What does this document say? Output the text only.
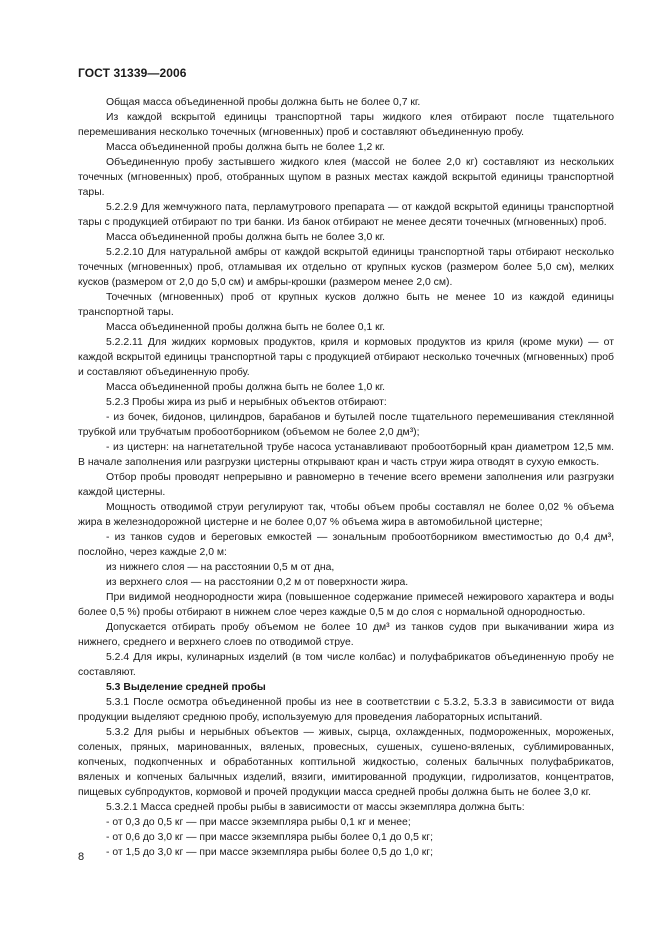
ГОСТ 31339—2006

Общая масса объединенной пробы должна быть не более 0,7 кг.

Из каждой вскрытой единицы транспортной тары жидкого клея отбирают после тщательного перемешивания несколько точечных (мгновенных) проб и составляют объединенную пробу.

Масса объединенной пробы должна быть не более 1,2 кг.

Объединенную пробу застывшего жидкого клея (массой не более 2,0 кг) составляют из нескольких точечных (мгновенных) проб, отобранных щупом в разных местах каждой вскрытой единицы транспортной тары.

5.2.2.9 Для жемчужного пата, перламутрового препарата — от каждой вскрытой единицы транспортной тары с продукцией отбирают по три банки. Из банок отбирают не менее десяти точечных (мгновенных) проб.

Масса объединенной пробы должна быть не более 3,0 кг.

5.2.2.10 Для натуральной амбры от каждой вскрытой единицы транспортной тары отбирают несколько точечных (мгновенных) проб, отламывая их отдельно от крупных кусков (размером более 5,0 см), мелких кусков (размером от 2,0 до 5,0 см) и амбры-крошки (размером менее 2,0 см).

Точечных (мгновенных) проб от крупных кусков должно быть не менее 10 из каждой единицы транспортной тары.

Масса объединенной пробы должна быть не более 0,1 кг.

5.2.2.11 Для жидких кормовых продуктов, криля и кормовых продуктов из криля (кроме муки) — от каждой вскрытой единицы транспортной тары с продукцией отбирают несколько точечных (мгновенных) проб и составляют объединенную пробу.

Масса объединенной пробы должна быть не более 1,0 кг.

5.2.3 Пробы жира из рыб и нерыбных объектов отбирают:

- из бочек, бидонов, цилиндров, барабанов и бутылей после тщательного перемешивания стеклянной трубкой или трубчатым пробоотборником (объемом не более 2,0 дм³);

- из цистерн: на нагнетательной трубе насоса устанавливают пробоотборный кран диаметром 12,5 мм. В начале заполнения или разгрузки цистерны открывают кран и часть струи жира отводят в сухую емкость.

Отбор пробы проводят непрерывно и равномерно в течение всего времени заполнения или разгрузки каждой цистерны.

Мощность отводимой струи регулируют так, чтобы объем пробы составлял не более 0,02 % объема жира в железнодорожной цистерне и не более 0,07 % объема жира в автомобильной цистерне;

- из танков судов и береговых емкостей — зональным пробоотборником вместимостью до 0,4 дм³, послойно, через каждые 2,0 м:

из нижнего слоя — на расстоянии 0,5 м от дна,

из верхнего слоя — на расстоянии 0,2 м от поверхности жира.

При видимой неоднородности жира (повышенное содержание примесей нежирового характера и воды более 0,5 %) пробы отбирают в нижнем слое через каждые 0,5 м до слоя с нормальной однородностью.

Допускается отбирать пробу объемом не более 10 дм³ из танков судов при выкачивании жира из нижнего, среднего и верхнего слоев по отводимой струе.

5.2.4 Для икры, кулинарных изделий (в том числе колбас) и полуфабрикатов объединенную пробу не составляют.

5.3 Выделение средней пробы

5.3.1 После осмотра объединенной пробы из нее в соответствии с 5.3.2, 5.3.3 в зависимости от вида продукции выделяют среднюю пробу, используемую для проведения лабораторных испытаний.

5.3.2 Для рыбы и нерыбных объектов — живых, сырца, охлажденных, подмороженных, мороженых, соленых, пряных, маринованных, вяленых, провесных, сушеных, сушено-вяленых, сублимированных, копченых, подкопченных и обработанных коптильной жидкостью, соленых балычных полуфабрикатов, вяленых и копченых балычных изделий, вязиги, имитированной продукции, гидролизатов, концентратов, пищевых субпродуктов, кормовой и прочей продукции масса средней пробы должна быть не более 3,0 кг.

5.3.2.1 Масса средней пробы рыбы в зависимости от массы экземпляра должна быть:

- от 0,3 до 0,5 кг — при массе экземпляра рыбы 0,1 кг и менее;

- от 0,6 до 3,0 кг — при массе экземпляра рыбы более 0,1 до 0,5 кг;

- от 1,5 до 3,0 кг — при массе экземпляра рыбы более 0,5 до 1,0 кг;

8
